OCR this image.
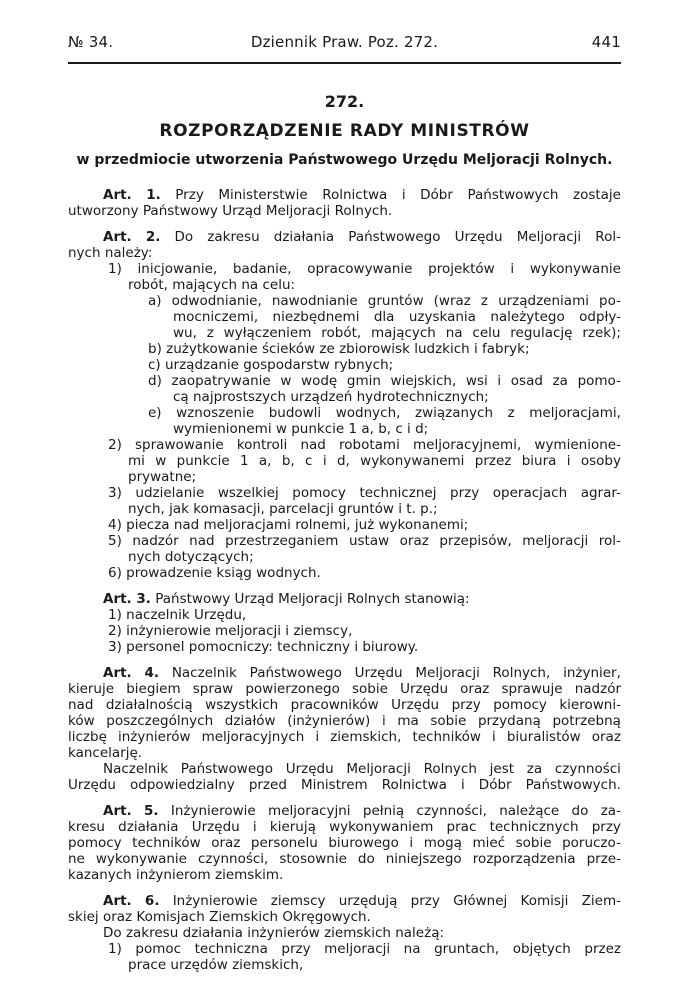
№ 34.	Dziennik Praw. Poz. 272.	441
272.
ROZPORZĄDZENIE RADY MINISTRÓW
w przedmiocie utworzenia Państwowego Urzędu Meljoracji Rolnych.
Art. 1. Przy Ministerstwie Rolnictwa i Dóbr Państwowych zostaje
utworzony Państwowy Urząd Meljoracji Rolnych.
Art. 2. Do zakresu działania Państwowego Urzędu Meljoracji Rol-
nych należy:
1) inicjowanie, badanie, opracowywanie projektów i wykonywanie
robót, mających na celu:
a) odwodnianie, nawodnianie gruntów (wraz z urządzeniami po-
mocniczemi, niezbędnemi dla uzyskania należytego odpły-
wu, z wyłączeniem robót, mających na celu regulację rzek);
b) zużytkowanie ścieków ze zbiorowisk ludzkich i fabryk;
c) urządzanie gospodarstw rybnych;
d) zaopatrywanie w wodę gmin wiejskich, wsi i osad za pomo-
cą najprostszych urządzeń hydrotechnicznych;
e) wznoszenie budowli wodnych, związanych z meljoracjami,
wymienionemi w punkcie 1 a, b, c i d;
2) sprawowanie kontroli nad robotami meljoracyjnemi, wymienione-
mi w punkcie 1 a, b, c i d, wykonywanemi przez biura i osoby
prywatne;
3) udzielanie wszelkiej pomocy technicznej przy operacjach agrar-
nych, jak komasacji, parcelacji gruntów i t. p.;
4) piecza nad meljoracjami rolnemi, już wykonanemi;
5) nadzór nad przestrzeganiem ustaw oraz przepisów, meljoracji rol-
nych dotyczących;
6) prowadzenie ksiąg wodnych.
Art. 3. Państwowy Urząd Meljoracji Rolnych stanowią:
1) naczelnik Urzędu,
2) inżynierowie meljoracji i ziemscy,
3) personel pomocniczy: techniczny i biurowy.
Art. 4. Naczelnik Państwowego Urzędu Meljoracji Rolnych, inżynier,
kieruje biegiem spraw powierzonego sobie Urzędu oraz sprawuje nadzór
nad działalnością wszystkich pracowników Urzędu przy pomocy kierowni-
ków poszczególnych działów (inżynierów) i ma sobie przydaną potrzebną
liczbę inżynierów meljoracyjnych i ziemskich, techników i biuralistów oraz
kancelarję.
Naczelnik Państwowego Urzędu Meljoracji Rolnych jest za czynności
Urzędu odpowiedzialny przed Ministrem Rolnictwa i Dóbr Państwowych.
Art. 5. Inżynierowie meljoracyjni pełnią czynności, należące do za-
kresu działania Urzędu i kierują wykonywaniem prac technicznych przy
pomocy techników oraz personelu biurowego i mogą mieć sobie poruczo-
ne wykonywanie czynności, stosownie do niniejszego rozporządzenia prze-
kazanych inżynierom ziemskim.
Art. 6. Inżynierowie ziemscy urzędują przy Głównej Komisji Ziem-
skiej oraz Komisjach Ziemskich Okręgowych.
Do zakresu działania inżynierów ziemskich należą:
1) pomoc techniczna przy meljoracji na gruntach, objętych przez
prace urzędów ziemskich,
